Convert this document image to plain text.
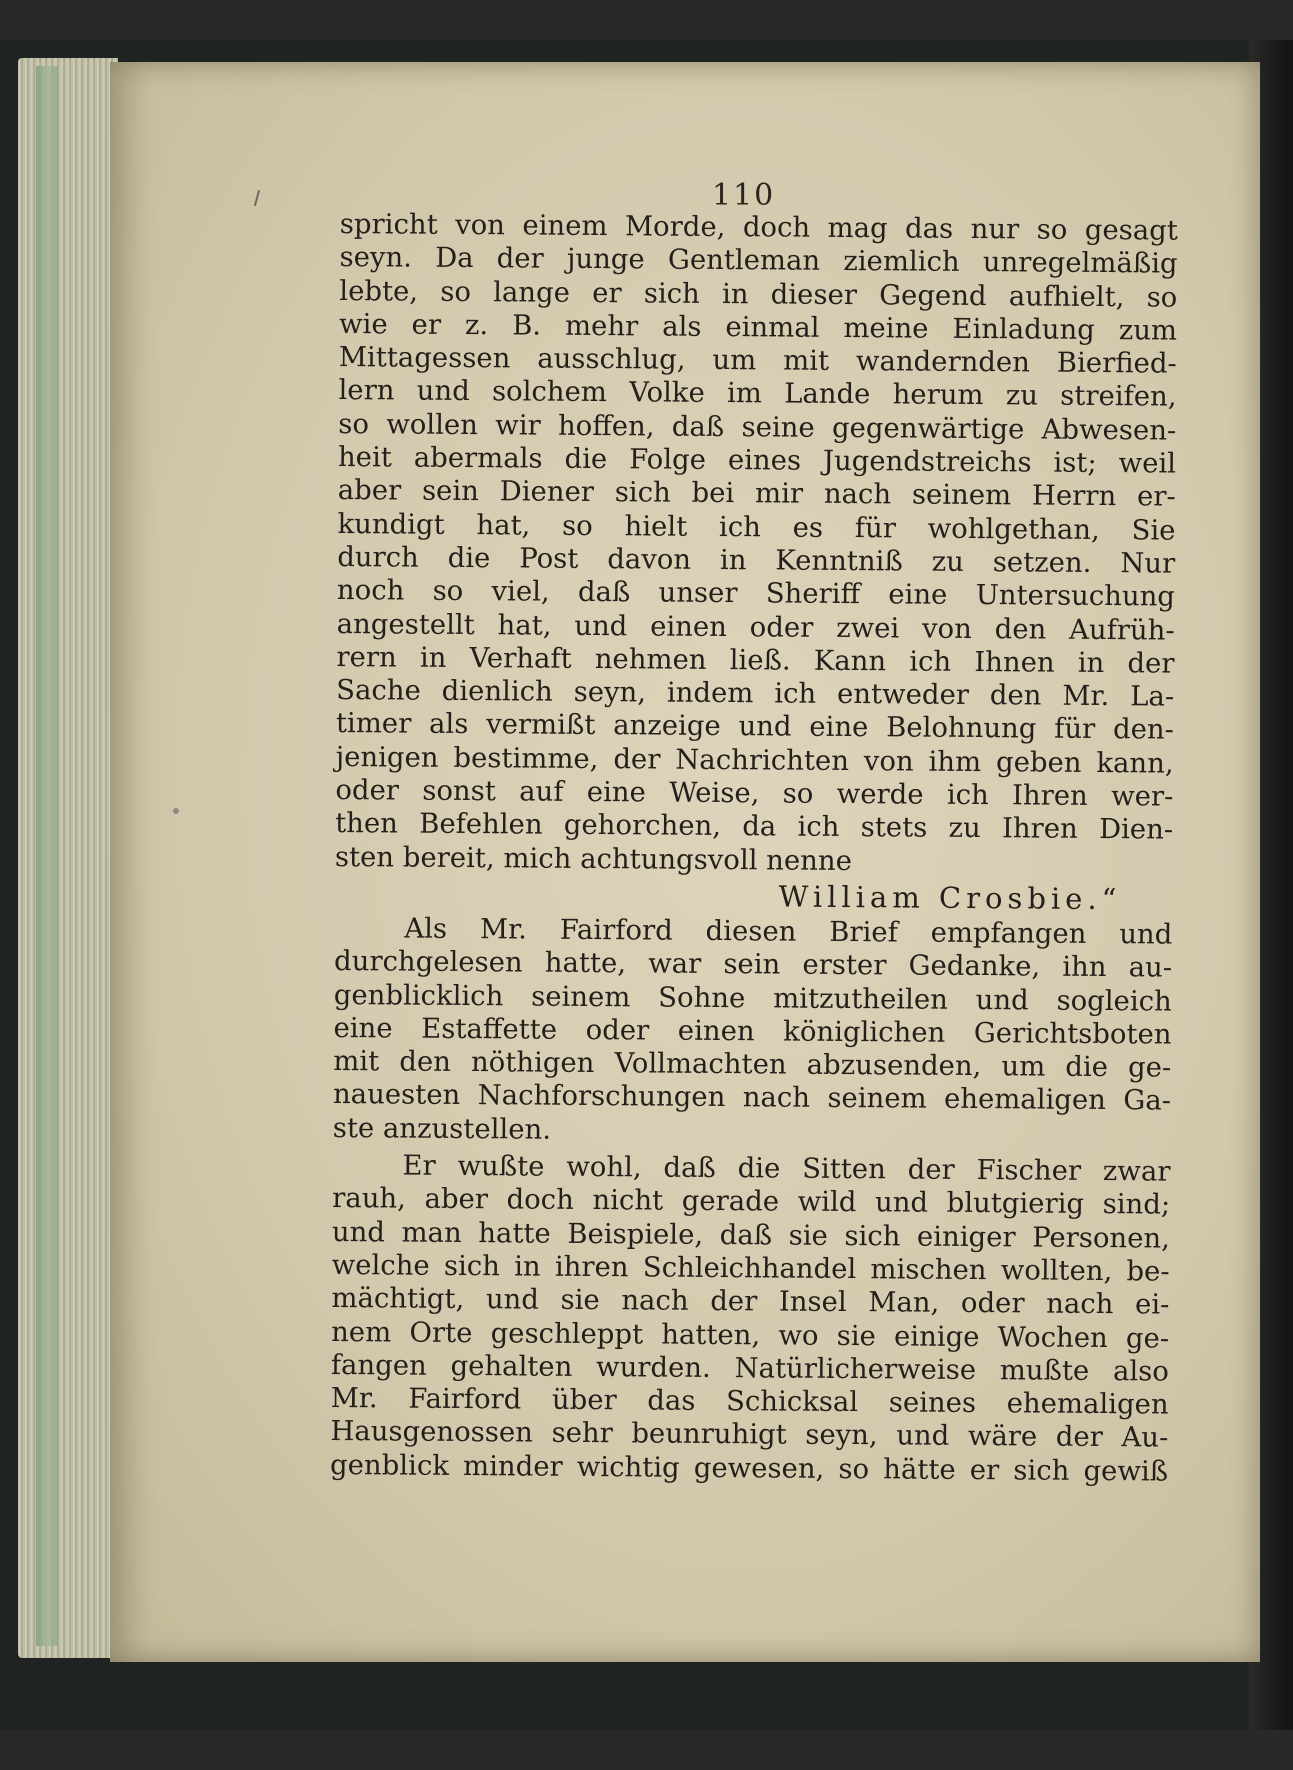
110
spricht von einem Morde, doch mag das nur so gesagt
seyn. Da der junge Gentleman ziemlich unregelmäßig
lebte, so lange er sich in dieser Gegend aufhielt, so
wie er z. B. mehr als einmal meine Einladung zum
Mittagessen ausschlug, um mit wandernden Bierfied-
lern und solchem Volke im Lande herum zu streifen,
so wollen wir hoffen, daß seine gegenwärtige Abwesen-
heit abermals die Folge eines Jugendstreichs ist; weil
aber sein Diener sich bei mir nach seinem Herrn er-
kundigt hat, so hielt ich es für wohlgethan, Sie
durch die Post davon in Kenntniß zu setzen. Nur
noch so viel, daß unser Sheriff eine Untersuchung
angestellt hat, und einen oder zwei von den Aufrüh-
rern in Verhaft nehmen ließ. Kann ich Ihnen in der
Sache dienlich seyn, indem ich entweder den Mr. La-
timer als vermißt anzeige und eine Belohnung für den-
jenigen bestimme, der Nachrichten von ihm geben kann,
oder sonst auf eine Weise, so werde ich Ihren wer-
then Befehlen gehorchen, da ich stets zu Ihren Dien-
sten bereit, mich achtungsvoll nenne
William Crosbie.“
Als Mr. Fairford diesen Brief empfangen und
durchgelesen hatte, war sein erster Gedanke, ihn au-
genblicklich seinem Sohne mitzutheilen und sogleich
eine Estaffette oder einen königlichen Gerichtsboten
mit den nöthigen Vollmachten abzusenden, um die ge-
nauesten Nachforschungen nach seinem ehemaligen Ga-
ste anzustellen.
Er wußte wohl, daß die Sitten der Fischer zwar
rauh, aber doch nicht gerade wild und blutgierig sind;
und man hatte Beispiele, daß sie sich einiger Personen,
welche sich in ihren Schleichhandel mischen wollten, be-
mächtigt, und sie nach der Insel Man, oder nach ei-
nem Orte geschleppt hatten, wo sie einige Wochen ge-
fangen gehalten wurden. Natürlicherweise mußte also
Mr. Fairford über das Schicksal seines ehemaligen
Hausgenossen sehr beunruhigt seyn, und wäre der Au-
genblick minder wichtig gewesen, so hätte er sich gewiß
